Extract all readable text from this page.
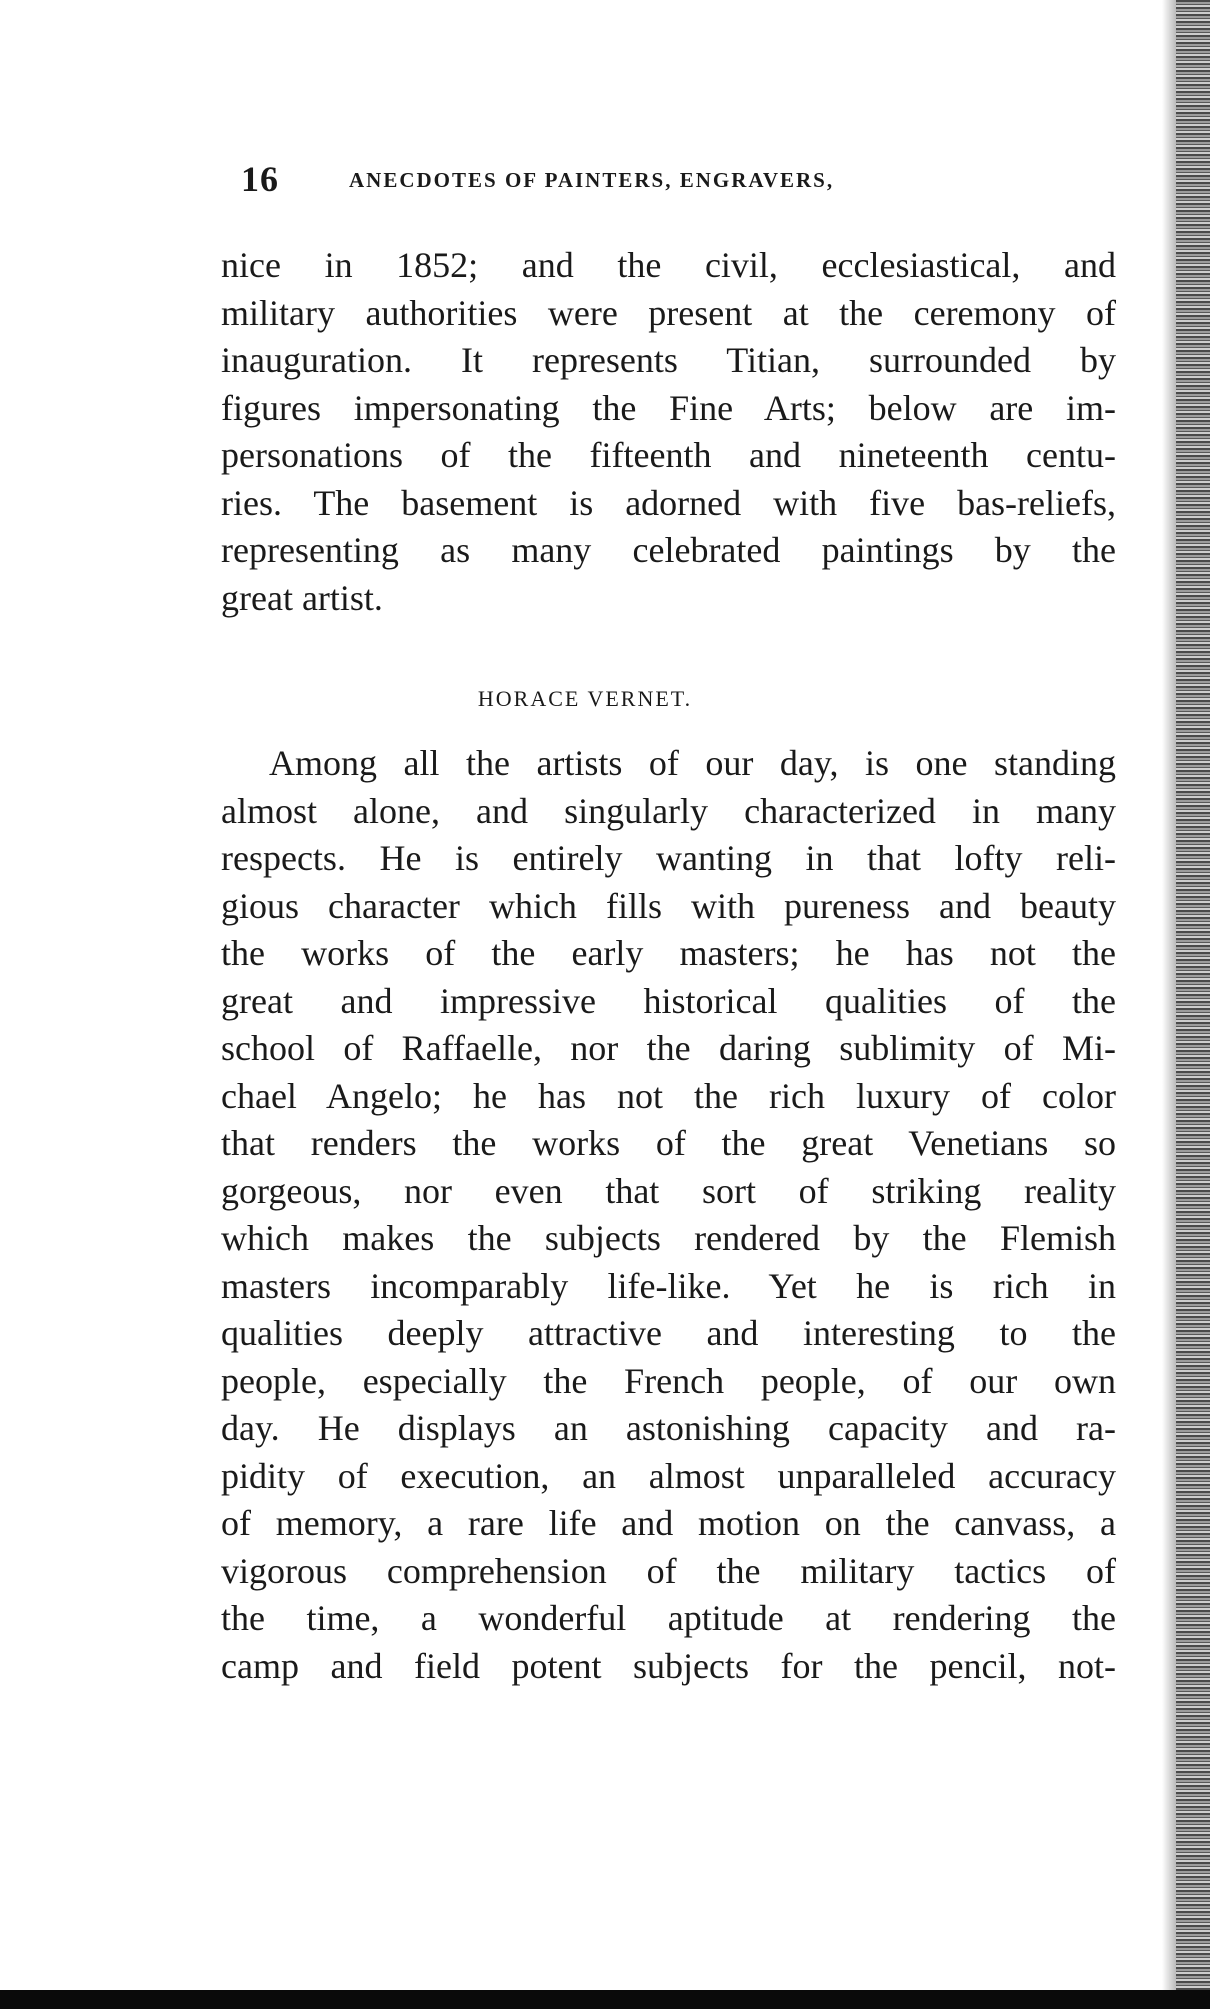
16	ANECDOTES OF PAINTERS, ENGRAVERS,
nice in 1852; and the civil, ecclesiastical, and
military authorities were present at the ceremony of
inauguration. It represents Titian, surrounded by
figures impersonating the Fine Arts; below are im-
personations of the fifteenth and nineteenth centu-
ries. The basement is adorned with five bas-reliefs,
representing as many celebrated paintings by the
great artist.
HORACE VERNET.
Among all the artists of our day, is one standing
almost alone, and singularly characterized in many
respects. He is entirely wanting in that lofty reli-
gious character which fills with pureness and beauty
the works of the early masters; he has not the
great and impressive historical qualities of the
school of Raffaelle, nor the daring sublimity of Mi-
chael Angelo; he has not the rich luxury of color
that renders the works of the great Venetians so
gorgeous, nor even that sort of striking reality
which makes the subjects rendered by the Flemish
masters incomparably life-like. Yet he is rich in
qualities deeply attractive and interesting to the
people, especially the French people, of our own
day. He displays an astonishing capacity and ra-
pidity of execution, an almost unparalleled accuracy
of memory, a rare life and motion on the canvass, a
vigorous comprehension of the military tactics of
the time, a wonderful aptitude at rendering the
camp and field potent subjects for the pencil, not-
